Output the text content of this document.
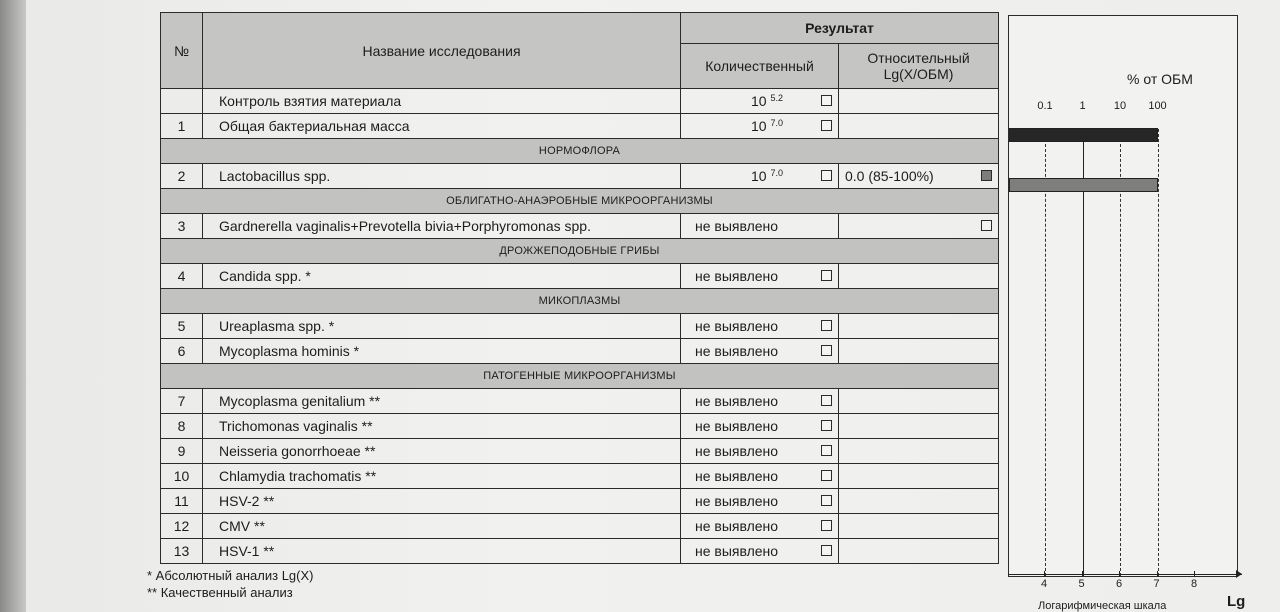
№	Название исследования	Результат	
		Количественный	Относительный
Lg(X/ОБМ)

	Контроль взятия материала	10 $^{5.2}$

1	Общая бактериальная масса	10 $^{7.0}$

НОРМОФЛОРА			
2	Lactobacillus spp.	10 $^{7.0}$	0.0 (85-100%)

ОБЛИГАТНО-АНАЭРОБНЫЕ МИКРООРГАНИЗМЫ			
3	Gardnerella vaginalis+Prevotella bivia+Porphyromonas spp.	не выявлено	

ДРОЖЖЕПОДОБНЫЕ ГРИБЫ			
4	Candida spp. *	не выявлено

МИКОПЛАЗМЫ			
5	Ureaplasma spp. *	не выявлено

6	Mycoplasma hominis *	не выявлено

ПАТОГЕННЫЕ МИКРООРГАНИЗМЫ			
7	Mycoplasma genitalium **	не выявлено

8	Trichomonas vaginalis **	не выявлено

9	Neisseria gonorrhoeae **	не выявлено

10	Chlamydia trachomatis **	не выявлено

11	HSV-2 **	не выявлено

12	CMV **	не выявлено

13	HSV-1 **	не выявлено

* Абсолютный анализ Lg(X)
** Качественный анализ
% от ОБМ
0.1 1	10 100
Логарифмическая шкала	Lg
4	5	6	7	8
